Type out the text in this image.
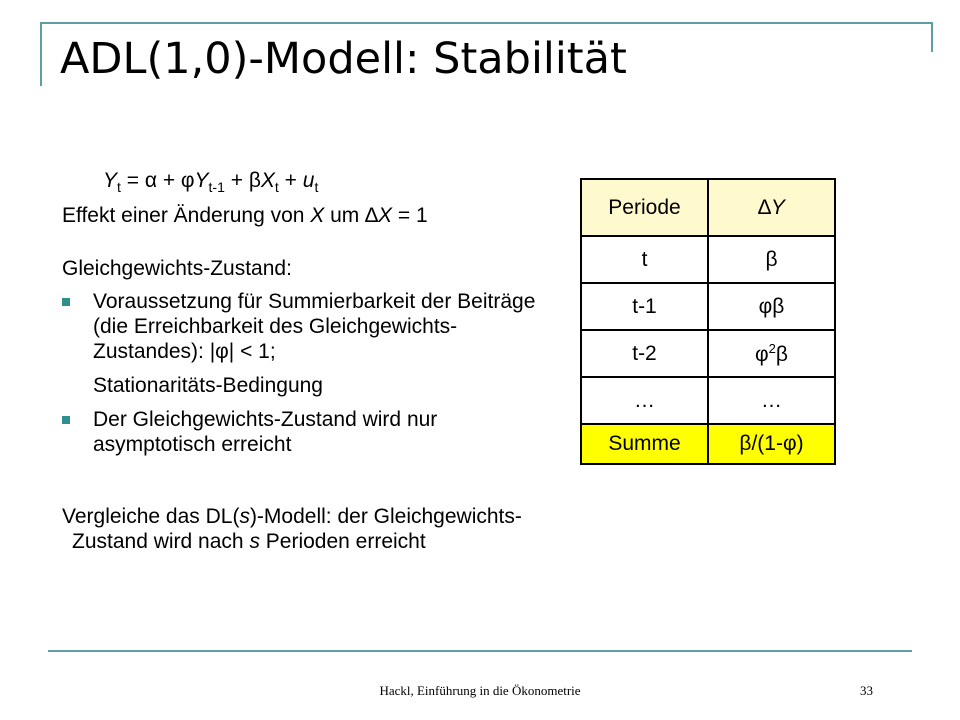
ADL(1,0)-Modell: Stabilität

$Y_t = \alpha + \varphi Y_{t-1} + \beta X_t + u_t$

Effekt einer Änderung von X um ∆X = 1

Gleichgewichts-Zustand:

Voraussetzung für Summierbarkeit der Beiträge (die Erreichbarkeit des Gleichgewichts-Zustandes): |φ| < 1;

Stationaritäts-Bedingung

Der Gleichgewichts-Zustand wird nur asymptotisch erreicht

Vergleiche das DL(s)-Modell: der Gleichgewichts-Zustand wird nach s Perioden erreicht

Periode	∆Y
t	β
t-1	φβ
t-2	$\varphi^2\beta$
…	…
Summe	β/(1-φ)
Hackl, Einführung in die Ökonometrie	33
